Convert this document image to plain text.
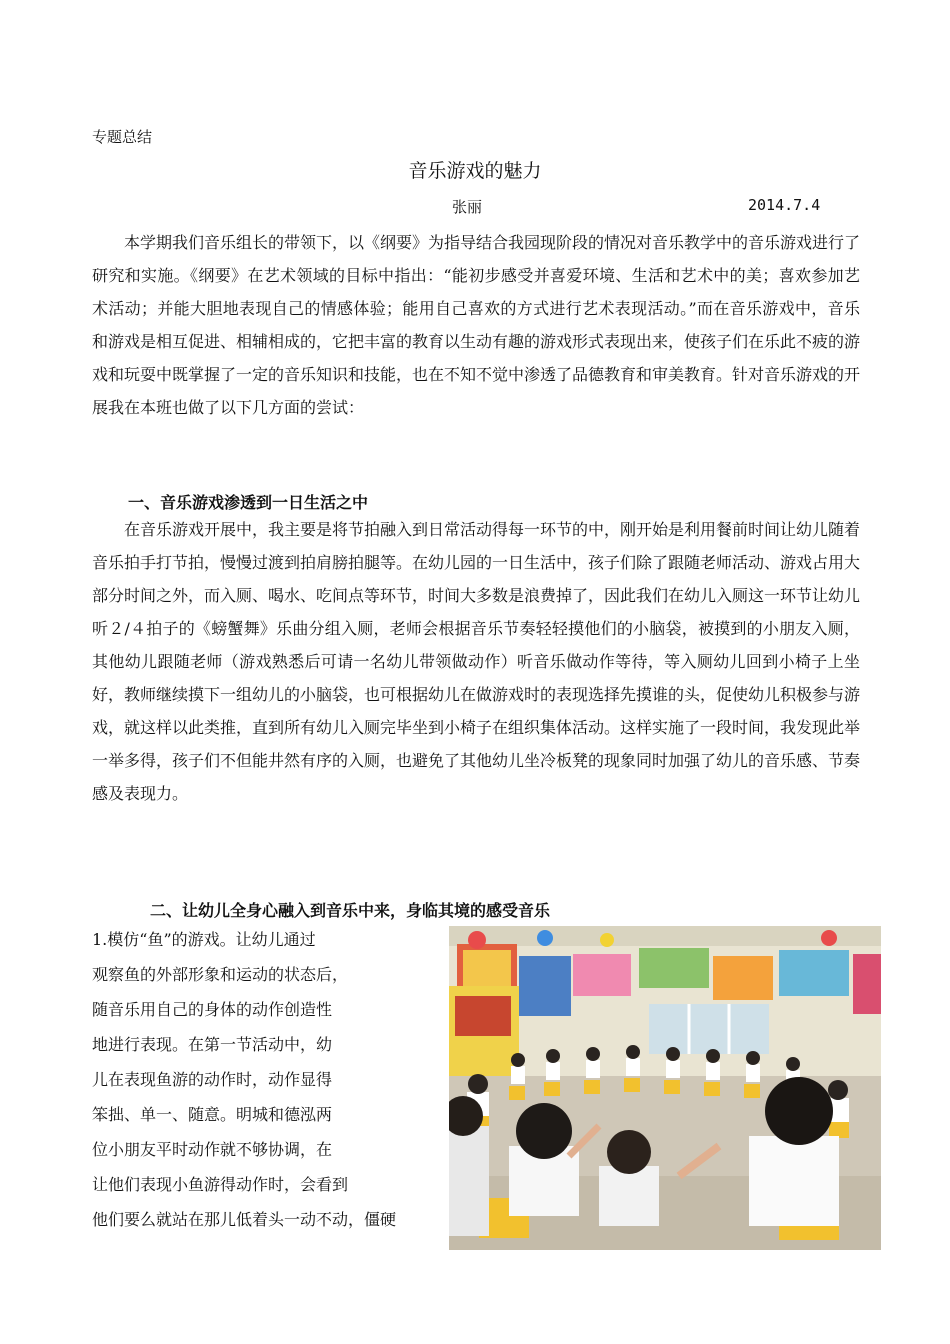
专题总结
音乐游戏的魅力
张丽	2014.7.4

本学期我们音乐组长的带领下，以《纲要》为指导结合我园现阶段的情况对音乐教学中的音乐游戏进行了研究和实施。《纲要》在艺术领域的目标中指出：“能初步感受并喜爱环境、生活和艺术中的美；喜欢参加艺术活动；并能大胆地表现自己的情感体验；能用自己喜欢的方式进行艺术表现活动。”而在音乐游戏中，音乐和游戏是相互促进、相辅相成的，它把丰富的教育以生动有趣的游戏形式表现出来，使孩子们在乐此不疲的游戏和玩耍中既掌握了一定的音乐知识和技能，也在不知不觉中渗透了品德教育和审美教育。针对音乐游戏的开展我在本班也做了以下几方面的尝试：

一、音乐游戏渗透到一日生活之中

在音乐游戏开展中，我主要是将节拍融入到日常活动得每一环节的中，刚开始是利用餐前时间让幼儿随着音乐拍手打节拍，慢慢过渡到拍肩膀拍腿等。在幼儿园的一日生活中，孩子们除了跟随老师活动、游戏占用大部分时间之外，而入厕、喝水、吃间点等环节，时间大多数是浪费掉了，因此我们在幼儿入厕这一环节让幼儿听２/４拍子的《螃蟹舞》乐曲分组入厕，老师会根据音乐节奏轻轻摸他们的小脑袋，被摸到的小朋友入厕，其他幼儿跟随老师（游戏熟悉后可请一名幼儿带领做动作）听音乐做动作等待，等入厕幼儿回到小椅子上坐好，教师继续摸下一组幼儿的小脑袋，也可根据幼儿在做游戏时的表现选择先摸谁的头，促使幼儿积极参与游戏，就这样以此类推，直到所有幼儿入厕完毕坐到小椅子在组织集体活动。这样实施了一段时间，我发现此举一举多得，孩子们不但能井然有序的入厕，也避免了其他幼儿坐冷板凳的现象同时加强了幼儿的音乐感、节奏感及表现力。

二、让幼儿全身心融入到音乐中来，身临其境的感受音乐
1.模仿“鱼”的游戏。让幼儿通过
观察鱼的外部形象和运动的状态后，
随音乐用自己的身体的动作创造性
地进行表现。在第一节活动中，幼
儿在表现鱼游的动作时，动作显得
笨拙、单一、随意。明城和德泓两
位小朋友平时动作就不够协调，在
让他们表现小鱼游得动作时，会看到
他们要么就站在那儿低着头一动不动，僵硬
